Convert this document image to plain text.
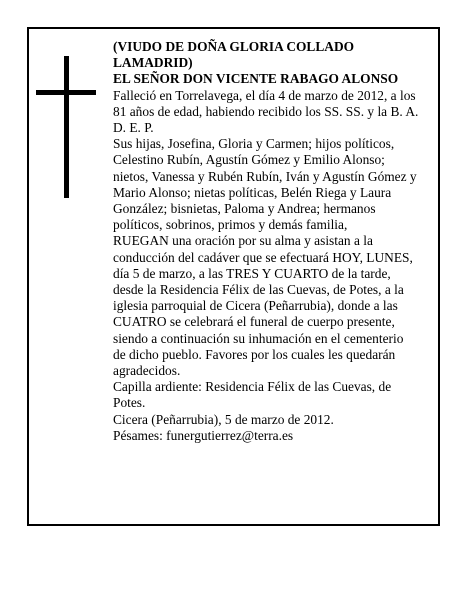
(VIUDO DE DOÑA GLORIA COLLADO LAMADRID)

EL SEÑOR DON VICENTE RABAGO ALONSO

Falleció en Torrelavega, el día 4 de marzo de 2012, a los 81 años de edad, habiendo recibido los SS. SS. y la B. A.

D. E. P.

Sus hijas, Josefina, Gloria y Carmen; hijos políticos, Celestino Rubín, Agustín Gómez y Emilio Alonso; nietos, Vanessa y Rubén Rubín, Iván y Agustín Gómez y Mario Alonso; nietas políticas, Belén Riega y Laura González; bisnietas, Paloma y Andrea; hermanos políticos, sobrinos, primos y demás familia,

RUEGAN una oración por su alma y asistan a la conducción del cadáver que se efectuará HOY, LUNES, día 5 de marzo, a las TRES Y CUARTO de la tarde, desde la Residencia Félix de las Cuevas, de Potes, a la iglesia parroquial de Cicera (Peñarrubia), donde a las CUATRO se celebrará el funeral de cuerpo presente, siendo a continuación su inhumación en el cementerio de dicho pueblo. Favores por los cuales les quedarán agradecidos.

Capilla ardiente: Residencia Félix de las Cuevas, de Potes.

Cicera (Peñarrubia), 5 de marzo de 2012.

Pésames: funergutierrez@terra.es
